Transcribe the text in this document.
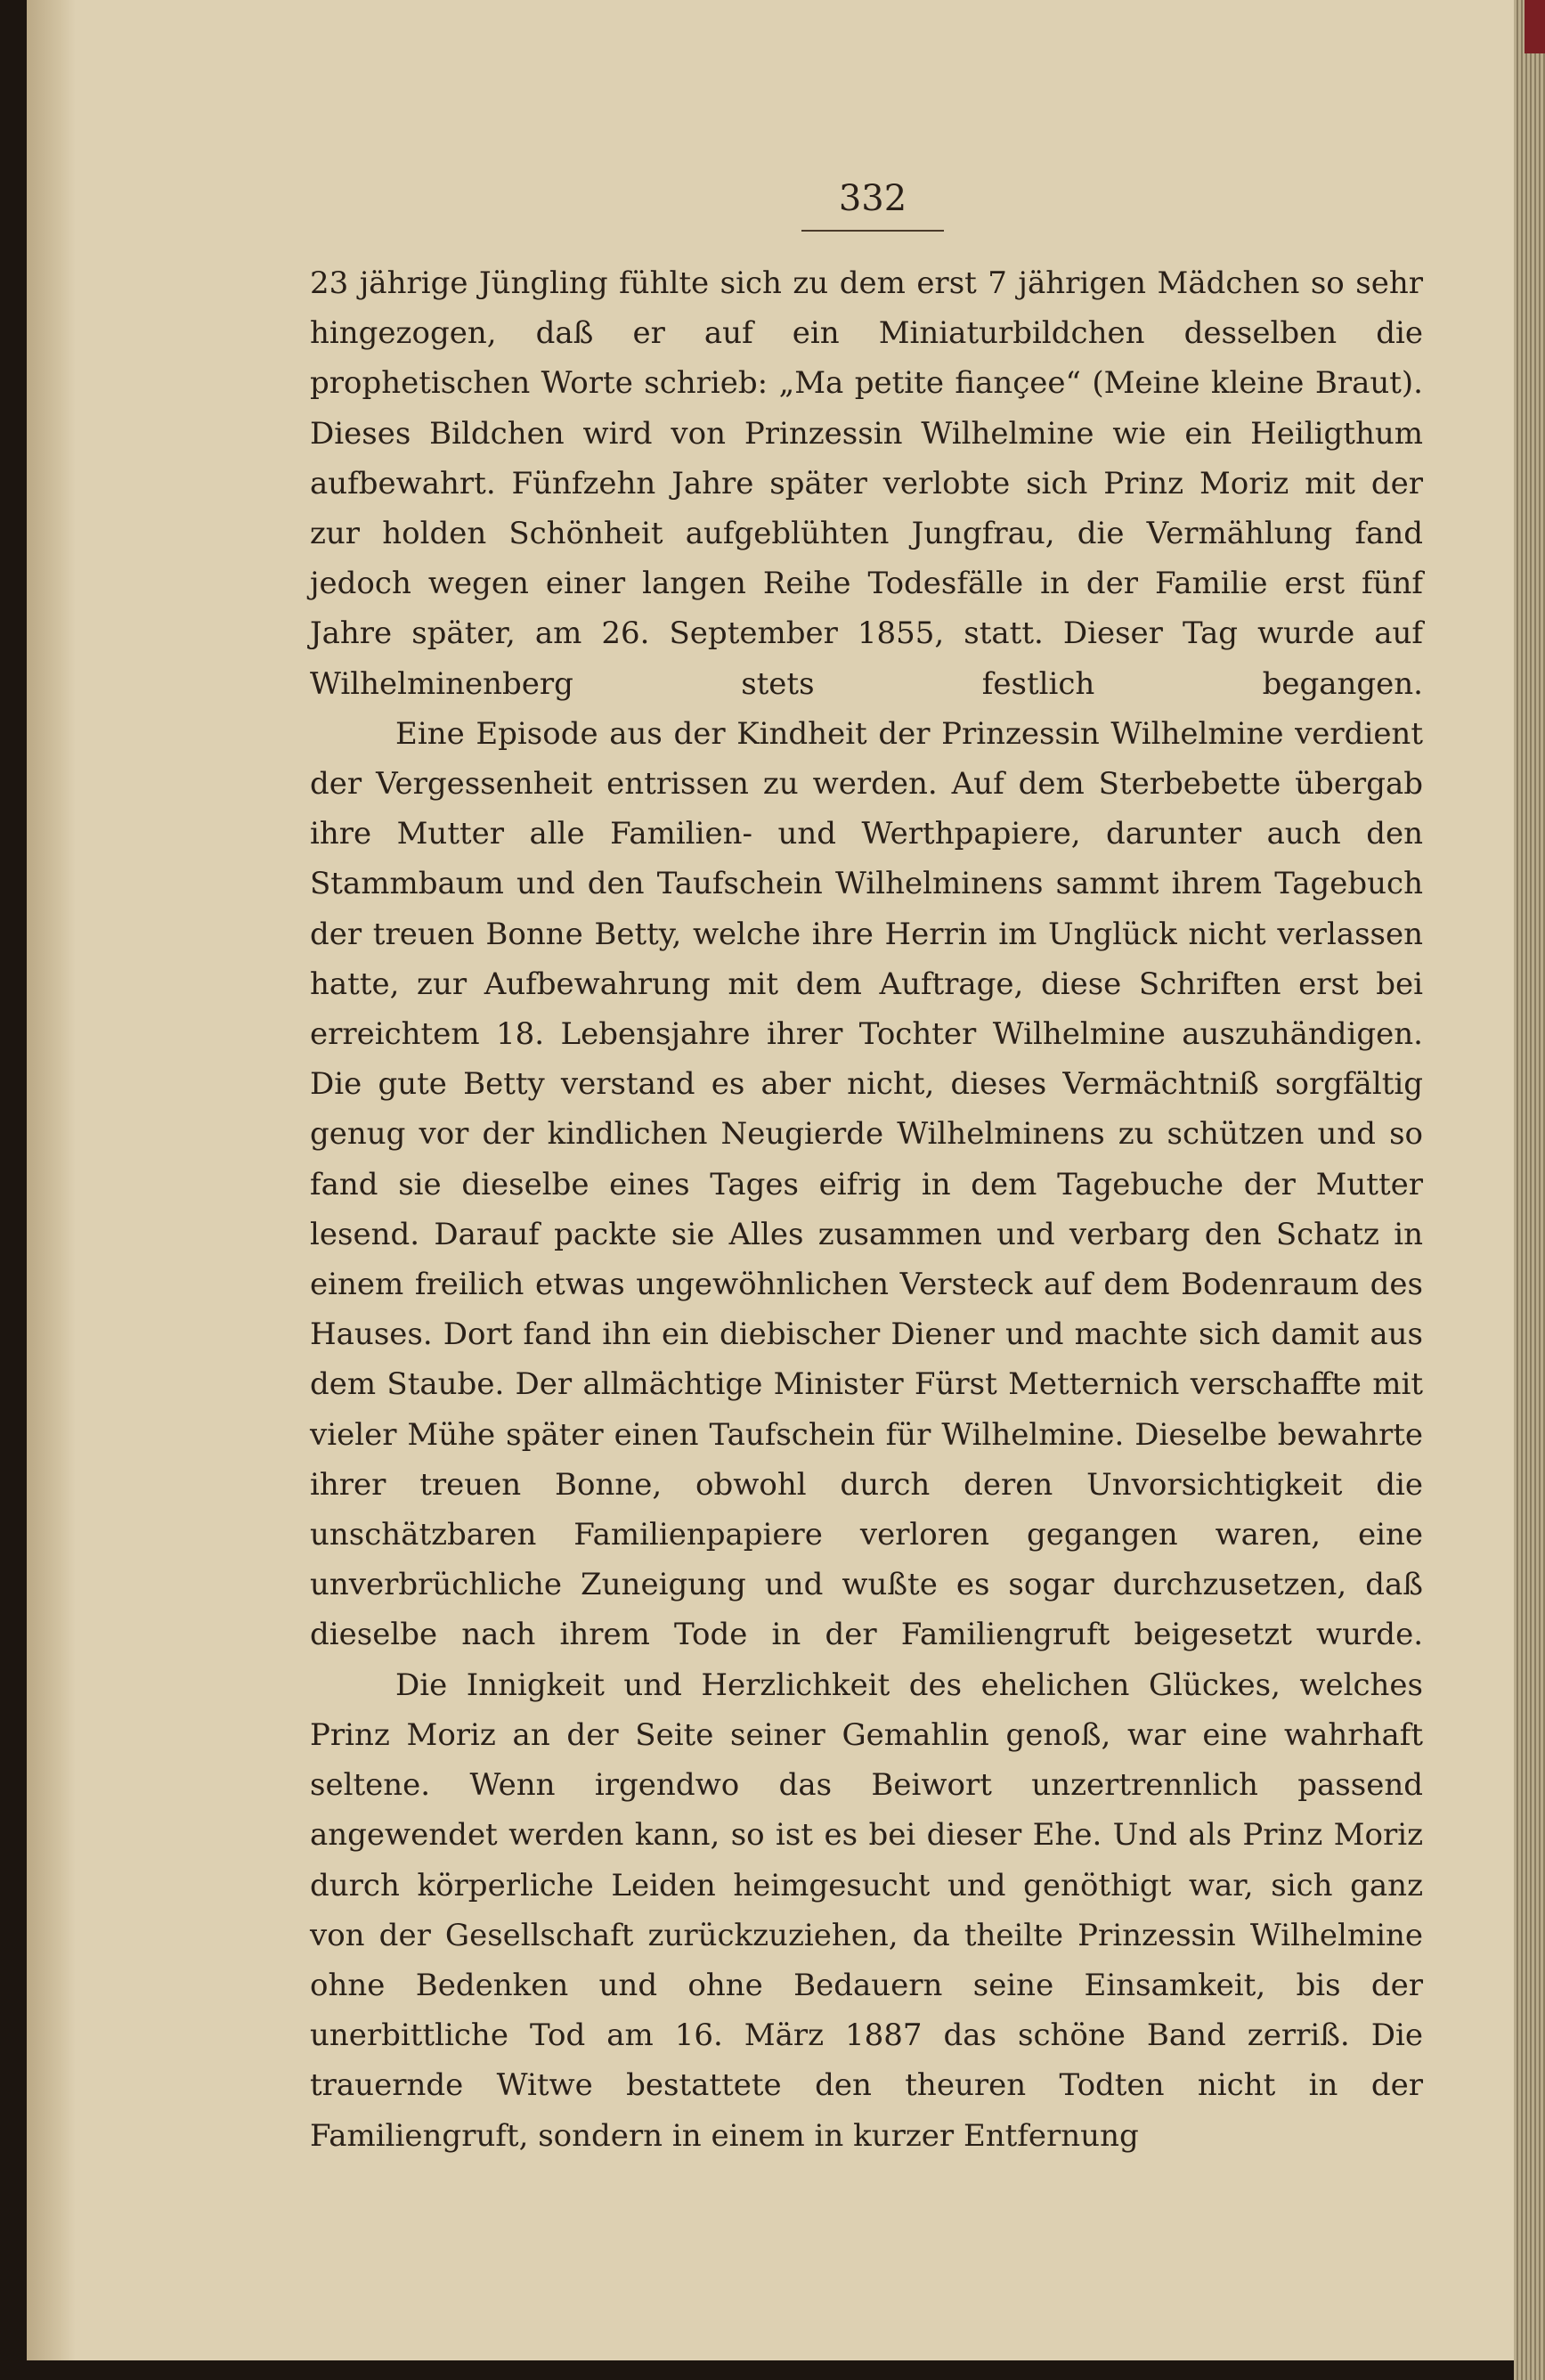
332

23 jährige Jüngling fühlte sich zu dem erst 7 jährigen Mädchen so sehr hingezogen, daß er auf ein Miniaturbildchen desselben die prophetischen Worte schrieb: „Ma petite fiançee“ (Meine kleine Braut). Dieses Bildchen wird von Prinzessin Wilhelmine wie ein Heiligthum aufbewahrt. Fünfzehn Jahre später verlobte sich Prinz Moriz mit der zur holden Schönheit aufgeblühten Jungfrau, die Vermählung fand jedoch wegen einer langen Reihe Todesfälle in der Familie erst fünf Jahre später, am 26. September 1855, statt. Dieser Tag wurde auf Wilhelminenberg stets festlich begangen.

Eine Episode aus der Kindheit der Prinzessin Wilhelmine verdient der Vergessenheit entrissen zu werden. Auf dem Sterbebette übergab ihre Mutter alle Familien- und Werthpapiere, darunter auch den Stammbaum und den Taufschein Wilhelminens sammt ihrem Tagebuch der treuen Bonne Betty, welche ihre Herrin im Unglück nicht verlassen hatte, zur Aufbewahrung mit dem Auftrage, diese Schriften erst bei erreichtem 18. Lebensjahre ihrer Tochter Wilhelmine auszuhändigen. Die gute Betty verstand es aber nicht, dieses Vermächtniß sorgfältig genug vor der kindlichen Neugierde Wilhelminens zu schützen und so fand sie dieselbe eines Tages eifrig in dem Tagebuche der Mutter lesend. Darauf packte sie Alles zusammen und verbarg den Schatz in einem freilich etwas ungewöhnlichen Versteck auf dem Bodenraum des Hauses. Dort fand ihn ein diebischer Diener und machte sich damit aus dem Staube. Der allmächtige Minister Fürst Metternich verschaffte mit vieler Mühe später einen Taufschein für Wilhelmine. Dieselbe bewahrte ihrer treuen Bonne, obwohl durch deren Unvorsichtigkeit die unschätzbaren Familienpapiere verloren gegangen waren, eine unverbrüchliche Zuneigung und wußte es sogar durchzusetzen, daß dieselbe nach ihrem Tode in der Familiengruft beigesetzt wurde.

Die Innigkeit und Herzlichkeit des ehelichen Glückes, welches Prinz Moriz an der Seite seiner Gemahlin genoß, war eine wahrhaft seltene. Wenn irgendwo das Beiwort unzertrennlich passend angewendet werden kann, so ist es bei dieser Ehe. Und als Prinz Moriz durch körperliche Leiden heimgesucht und genöthigt war, sich ganz von der Gesellschaft zurückzuziehen, da theilte Prinzessin Wilhelmine ohne Bedenken und ohne Bedauern seine Einsamkeit, bis der unerbittliche Tod am 16. März 1887 das schöne Band zerriß. Die trauernde Witwe bestattete den theuren Todten nicht in der Familiengruft, sondern in einem in kurzer Entfernung
